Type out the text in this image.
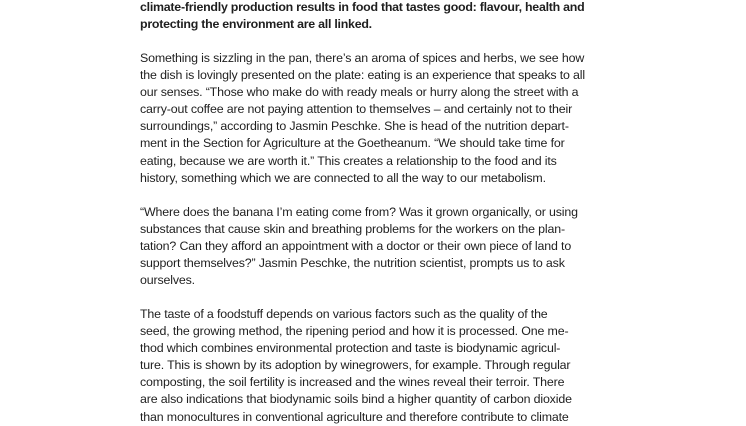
climate-friendly production results in food that tastes good: flavour, health and
protecting the environment are all linked.
Something is sizzling in the pan, there’s an aroma of spices and herbs, we see how
the dish is lovingly presented on the plate: eating is an experience that speaks to all
our senses. “Those who make do with ready meals or hurry along the street with a
carry-out coffee are not paying attention to themselves – and certainly not to their
surroundings,” according to Jasmin Peschke. She is head of the nutrition depart-
ment in the Section for Agriculture at the Goetheanum. “We should take time for
eating, because we are worth it.” This creates a relationship to the food and its
history, something which we are connected to all the way to our metabolism.
“Where does the banana I’m eating come from? Was it grown organically, or using
substances that cause skin and breathing problems for the workers on the plan-
tation? Can they afford an appointment with a doctor or their own piece of land to
support themselves?” Jasmin Peschke, the nutrition scientist, prompts us to ask
ourselves.
The taste of a foodstuff depends on various factors such as the quality of the
seed, the growing method, the ripening period and how it is processed. One me-
thod which combines environmental protection and taste is biodynamic agricul-
ture. This is shown by its adoption by winegrowers, for example. Through regular
composting, the soil fertility is increased and the wines reveal their terroir. There
are also indications that biodynamic soils bind a higher quantity of carbon dioxide
than monocultures in conventional agriculture and therefore contribute to climate
